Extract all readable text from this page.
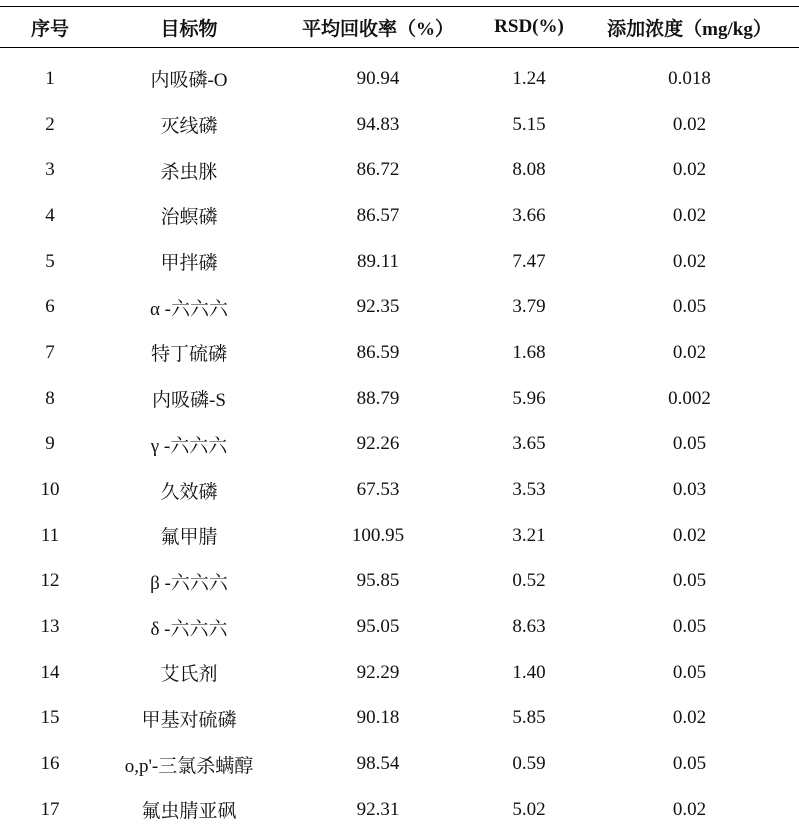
序号	目标物	平均回收率（%）	RSD(%)	添加浓度（mg/kg）
1	内吸磷-O	90.94	1.24	0.018
2	灭线磷	94.83	5.15	0.02
3	杀虫脒	86.72	8.08	0.02
4	治螟磷	86.57	3.66	0.02
5	甲拌磷	89.11	7.47	0.02
6	α -六六六	92.35	3.79	0.05
7	特丁硫磷	86.59	1.68	0.02
8	内吸磷-S	88.79	5.96	0.002
9	γ -六六六	92.26	3.65	0.05
10	久效磷	67.53	3.53	0.03
11	氟甲腈	100.95	3.21	0.02
12	β -六六六	95.85	0.52	0.05
13	δ -六六六	95.05	8.63	0.05
14	艾氏剂	92.29	1.40	0.05
15	甲基对硫磷	90.18	5.85	0.02
16	o,p'-三氯杀螨醇	98.54	0.59	0.05
17	氟虫腈亚砜	92.31	5.02	0.02
